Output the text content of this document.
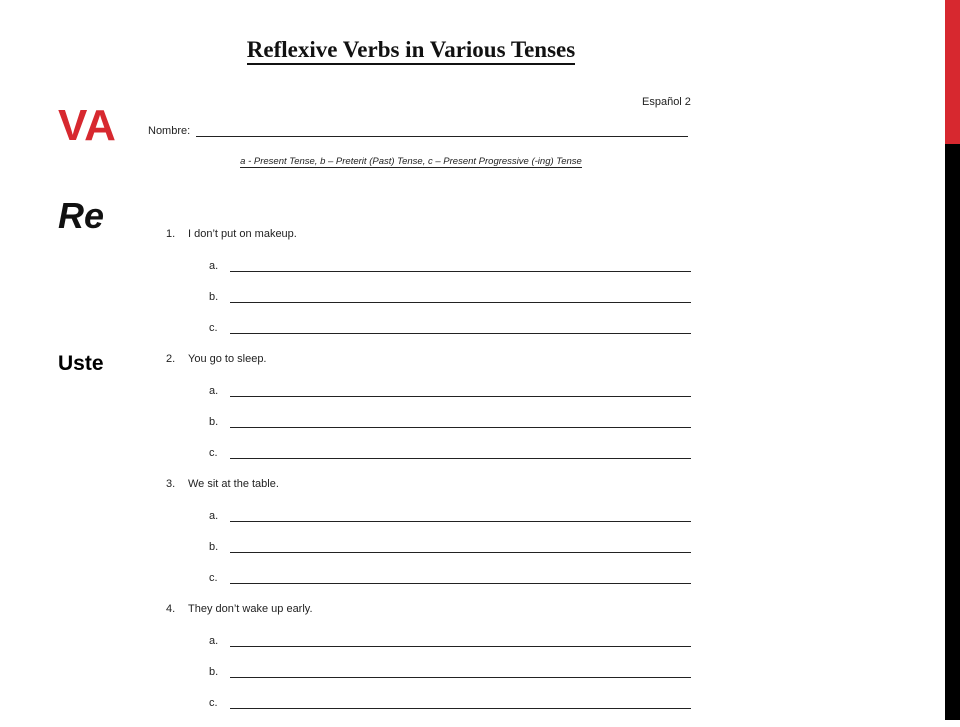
VA
Re

Uste

Reflexive Verbs in Various Tenses

Español 2

Nombre:

a - Present Tense, b – Preterit (Past) Tense, c – Present Progressive (-ing) Tense

1.	I don’t put on makeup.
a.
b.
c.
2.	You go to sleep.
a.
b.
c.
3.	We sit at the table.
a.
b.
c.
4.	They don’t wake up early.
a.
b.
c.
